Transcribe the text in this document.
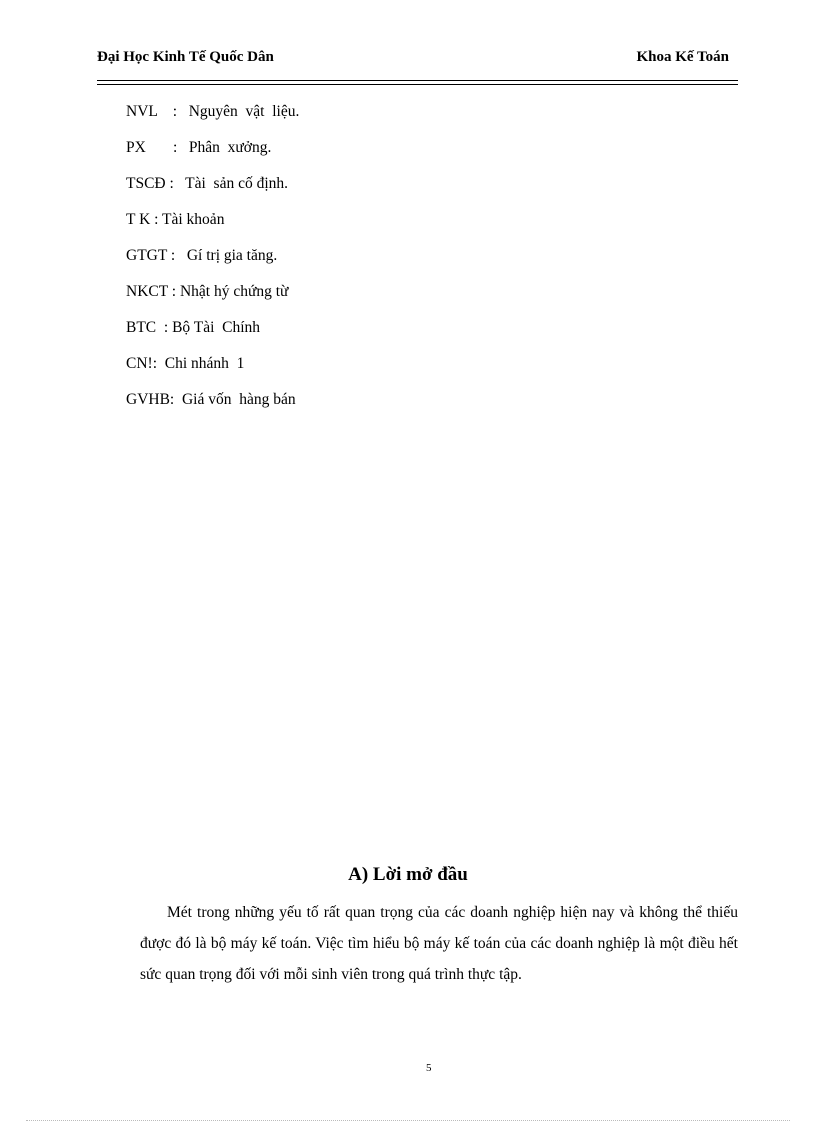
Đại Học Kinh Tế Quốc Dân	Khoa Kế Toán
NVL    :   Nguyên  vật  liệu.
PX       :   Phân  xưởng.
TSCĐ :   Tài  sản cố định.
T K : Tài khoản
GTGT :   Gí trị gia tăng.
NKCT : Nhật hý chứng từ
BTC  : Bộ Tài  Chính
CN!:  Chi nhánh  1
GVHB:  Giá vốn  hàng bán
A) Lời mở đầu

Mét trong những yếu tố rất quan trọng của các doanh nghiệp hiện nay và không thể thiếu được đó là bộ máy kế toán. Việc tìm hiểu bộ máy kế toán của các doanh nghiệp là một điều hết sức quan trọng đối với mỗi sinh viên trong quá trình thực tập.

5
